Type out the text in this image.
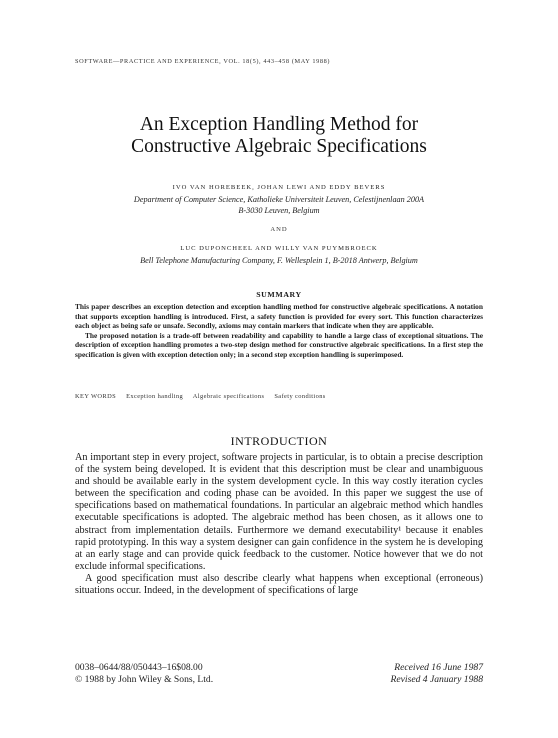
SOFTWARE—PRACTICE AND EXPERIENCE, VOL. 18(5), 443–458 (MAY 1988)
An Exception Handling Method for
Constructive Algebraic Specifications
IVO VAN HOREBEEK, JOHAN LEWI AND EDDY BEVERS
Department of Computer Science, Katholieke Universiteit Leuven, Celestijnenlaan 200A
B-3030 Leuven, Belgium
AND
LUC DUPONCHEEL AND WILLY VAN PUYMBROECK
Bell Telephone Manufacturing Company, F. Wellesplein 1, B-2018 Antwerp, Belgium
SUMMARY

This paper describes an exception detection and exception handling method for constructive algebraic specifications. A notation that supports exception handling is introduced. First, a safety function is provided for every sort. This function characterizes each object as being safe or unsafe. Secondly, axioms may contain markers that indicate when they are applicable.

The proposed notation is a trade-off between readability and capability to handle a large class of exceptional situations. The description of exception handling promotes a two-step design method for constructive algebraic specifications. In a first step the specification is given with exception detection only; in a second step exception handling is superimposed.

KEY WORDS Exception handling Algebraic specifications Safety conditions
INTRODUCTION

An important step in every project, software projects in particular, is to obtain a precise description of the system being developed. It is evident that this description must be clear and unambiguous and should be available early in the system development cycle. In this way costly iteration cycles between the specification and coding phase can be avoided. In this paper we suggest the use of specifications based on mathematical foundations. In particular an algebraic method which handles executable specifications is adopted. The algebraic method has been chosen, as it allows one to abstract from implementation details. Furthermore we demand executability¹ because it enables rapid prototyping. In this way a system designer can gain confidence in the system he is developing at an early stage and can provide quick feedback to the customer. Notice however that we do not exclude informal specifications.

A good specification must also describe clearly what happens when exceptional (erroneous) situations occur. Indeed, in the development of specifications of large

0038–0644/88/050443–16$08.00
© 1988 by John Wiley & Sons, Ltd.
Received 16 June 1987
Revised 4 January 1988
